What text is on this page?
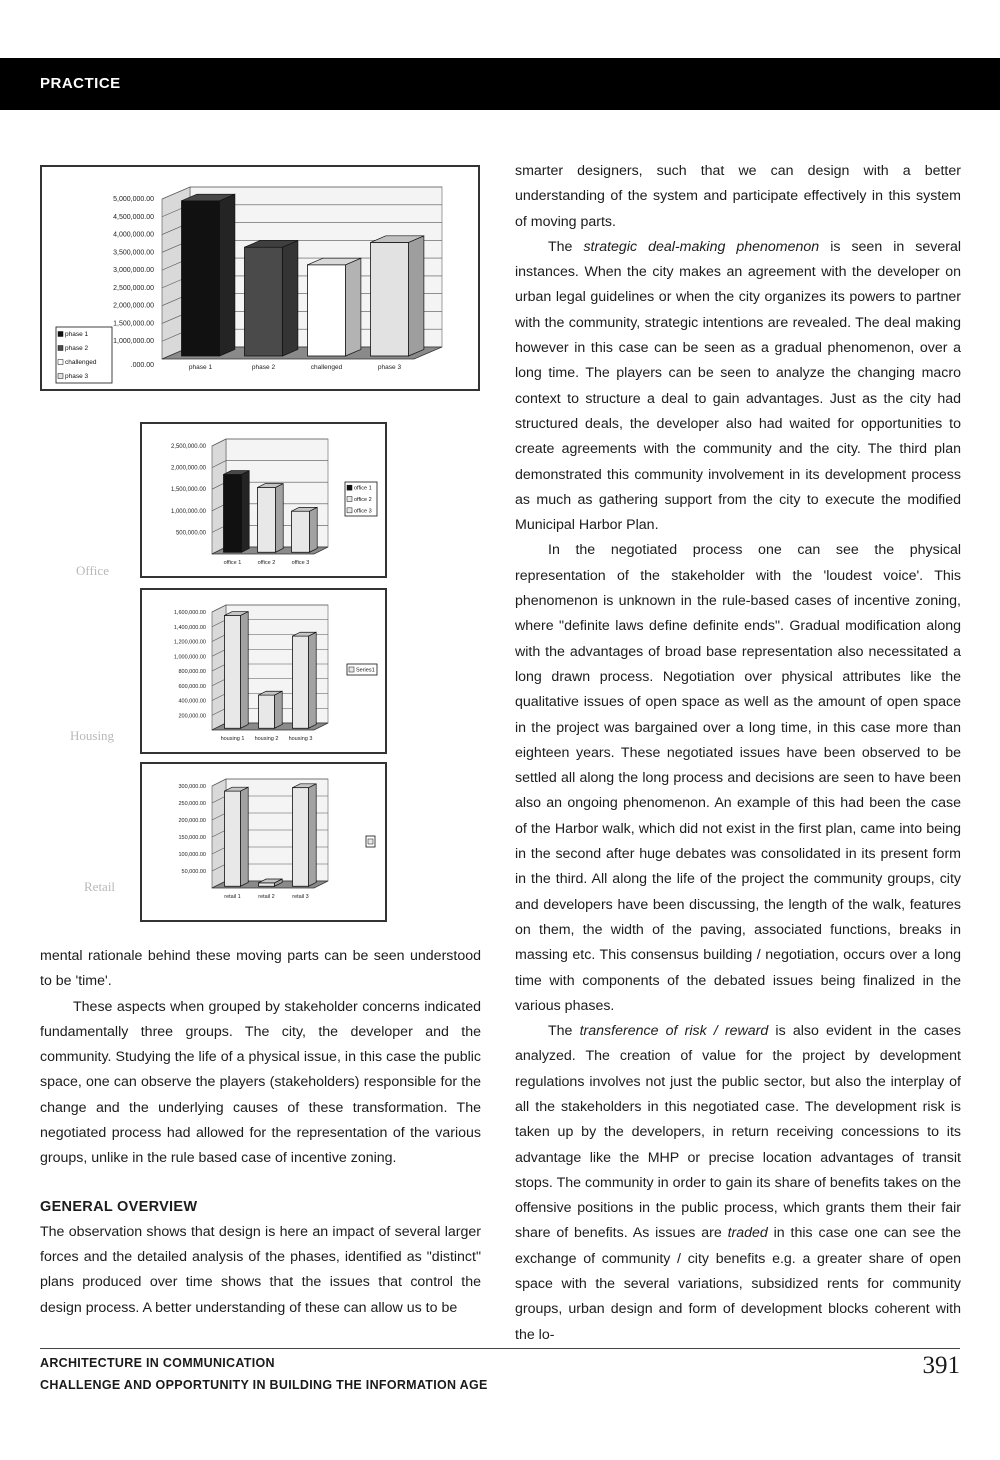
PRACTICE
1,000,000.00
1,500,000.00
2,000,000.00
2,500,000.00
3,000,000.00
3,500,000.00
4,000,000.00
4,500,000.00
5,000,000.00
.000.00	phase 1	phase 2	challenged	phase 3
phase 1
phase 2
challenged
phase 3
500,000.00
1,000,000.00
1,500,000.00
2,000,000.00
2,500,000.00
office 1	office 2	office 3
office 1
office 2
office 3
Office
200,000.00
400,000.00
600,000.00
800,000.00
1,000,000.00
1,200,000.00
1,400,000.00
1,600,000.00
housing 1 housing 2 housing 3
Series1
Housing
50,000.00
100,000.00
150,000.00
200,000.00
250,000.00
300,000.00
retail 1	retail 2	retail 3
Retail

smarter designers, such that we can design with a better understanding of the system and participate effectively in this system of moving parts.

The strategic deal-making phenomenon is seen in several instances. When the city makes an agreement with the developer on urban legal guidelines or when the city organizes its powers to partner with the community, strategic intentions are revealed. The deal making however in this case can be seen as a gradual phenomenon, over a long time. The players can be seen to analyze the changing macro context to structure a deal to gain advantages. Just as the city had structured deals, the developer also had waited for opportunities to create agreements with the community and the city. The third plan demonstrated this community involvement in its development process as much as gathering support from the city to execute the modified Municipal Harbor Plan.

In the negotiated process one can see the physical representation of the stakeholder with the 'loudest voice'. This phenomenon is unknown in the rule-based cases of incentive zoning, where "definite laws define definite ends". Gradual modification along with the advantages of broad base representation also necessitated a long drawn process. Negotiation over physical attributes like the qualitative issues of open space as well as the amount of open space in the project was bargained over a long time, in this case more than eighteen years. These negotiated issues have been observed to be settled all along the long process and decisions are seen to have been also an ongoing phenomenon. An example of this had been the case of the Harbor walk, which did not exist in the first plan, came into being in the second after huge debates was consolidated in its present form in the third. All along the life of the project the community groups, city and developers have been discussing, the length of the walk, features on them, the width of the paving, associated functions, breaks in massing etc. This consensus building / negotiation, occurs over a long time with components of the debated issues being finalized in the various phases.

The transference of risk / reward is also evident in the cases analyzed. The creation of value for the project by development regulations involves not just the public sector, but also the interplay of all the stakeholders in this negotiated case. The development risk is taken up by the developers, in return receiving concessions to its advantage like the MHP or precise location advantages of transit stops. The community in order to gain its share of benefits takes on the offensive positions in the public process, which grants them their fair share of benefits. As issues are traded in this case one can see the exchange of community / city benefits e.g. a greater share of open space with the several variations, subsidized rents for community groups, urban design and form of development blocks coherent with the lo-

mental rationale behind these moving parts can be seen understood to be 'time'.

These aspects when grouped by stakeholder concerns indicated fundamentally three groups. The city, the developer and the community. Studying the life of a physical issue, in this case the public space, one can observe the players (stakeholders) responsible for the change and the underlying causes of these transformation. The negotiated process had allowed for the representation of the various groups, unlike in the rule based case of incentive zoning.

GENERAL OVERVIEW

The observation shows that design is here an impact of several larger forces and the detailed analysis of the phases, identified as "distinct" plans produced over time shows that the issues that control the design process. A better understanding of these can allow us to be

ARCHITECTURE IN COMMUNICATION
CHALLENGE AND OPPORTUNITY IN BUILDING THE INFORMATION AGE
391
